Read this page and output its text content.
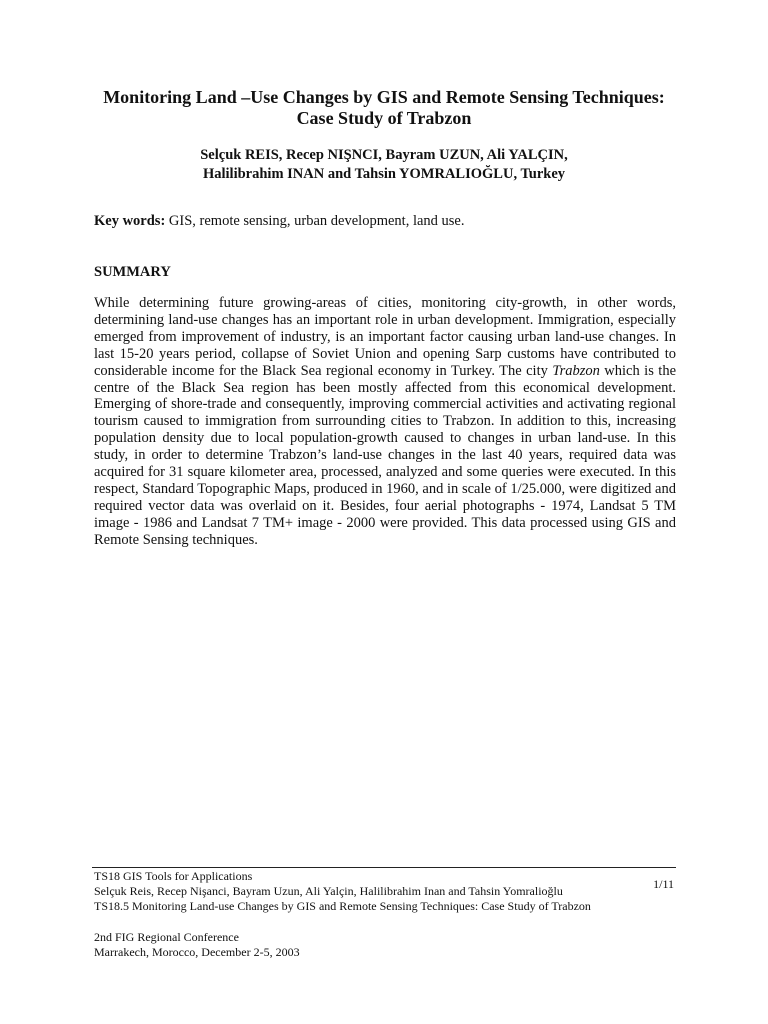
Monitoring Land –Use Changes by GIS and Remote Sensing Techniques:
Case Study of Trabzon
Selçuk REIS, Recep NIŞNCI, Bayram UZUN, Ali YALÇIN,
Halilibrahim INAN and Tahsin YOMRALIOĞLU, Turkey
Key words: GIS, remote sensing, urban development, land use.
SUMMARY

While determining future growing-areas of cities, monitoring city-growth, in other words, determining land-use changes has an important role in urban development. Immigration, especially emerged from improvement of industry, is an important factor causing urban land-use changes. In last 15-20 years period, collapse of Soviet Union and opening Sarp customs have contributed to considerable income for the Black Sea regional economy in Turkey. The city Trabzon which is the centre of the Black Sea region has been mostly affected from this economical development. Emerging of shore-trade and consequently, improving commercial activities and activating regional tourism caused to immigration from surrounding cities to Trabzon. In addition to this, increasing population density due to local population-growth caused to changes in urban land-use. In this study, in order to determine Trabzon’s land-use changes in the last 40 years, required data was acquired for 31 square kilometer area, processed, analyzed and some queries were executed. In this respect, Standard Topographic Maps, produced in 1960, and in scale of 1/25.000, were digitized and required vector data was overlaid on it. Besides, four aerial photographs - 1974, Landsat 5 TM image - 1986 and Landsat 7 TM+ image - 2000 were provided. This data processed using GIS and Remote Sensing techniques.

TS18 GIS Tools for Applications
Selçuk Reis, Recep Nişanci, Bayram Uzun, Ali Yalçin, Halilibrahim Inan and Tahsin Yomralioğlu
TS18.5 Monitoring Land-use Changes by GIS and Remote Sensing Techniques: Case Study of Trabzon
2nd FIG Regional Conference
Marrakech, Morocco, December 2-5, 2003
1/11
